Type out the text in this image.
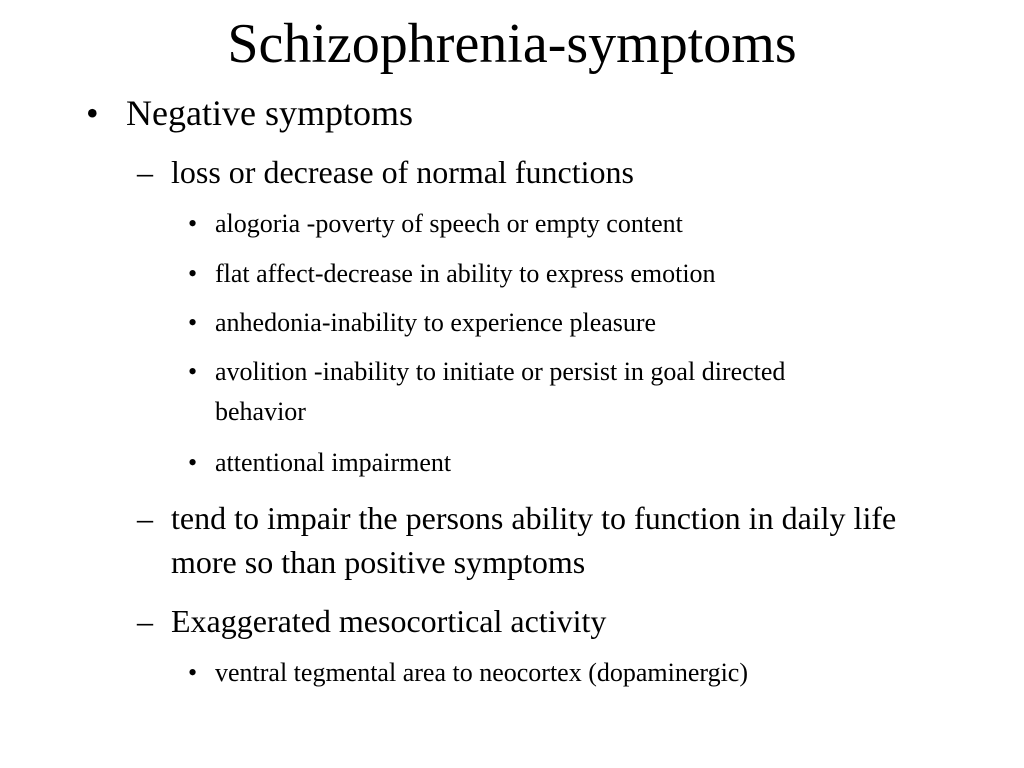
Schizophrenia-symptoms
• Negative symptoms
– loss or decrease of normal functions
• alogoria -poverty of speech or empty content
• flat affect-decrease in ability to express emotion
• anhedonia-inability to experience pleasure
• avolition -inability to initiate or persist in goal directed behavior
• attentional impairment
– tend to impair the persons ability to function in daily life more so than positive symptoms
– Exaggerated mesocortical activity
• ventral tegmental area to neocortex (dopaminergic)
